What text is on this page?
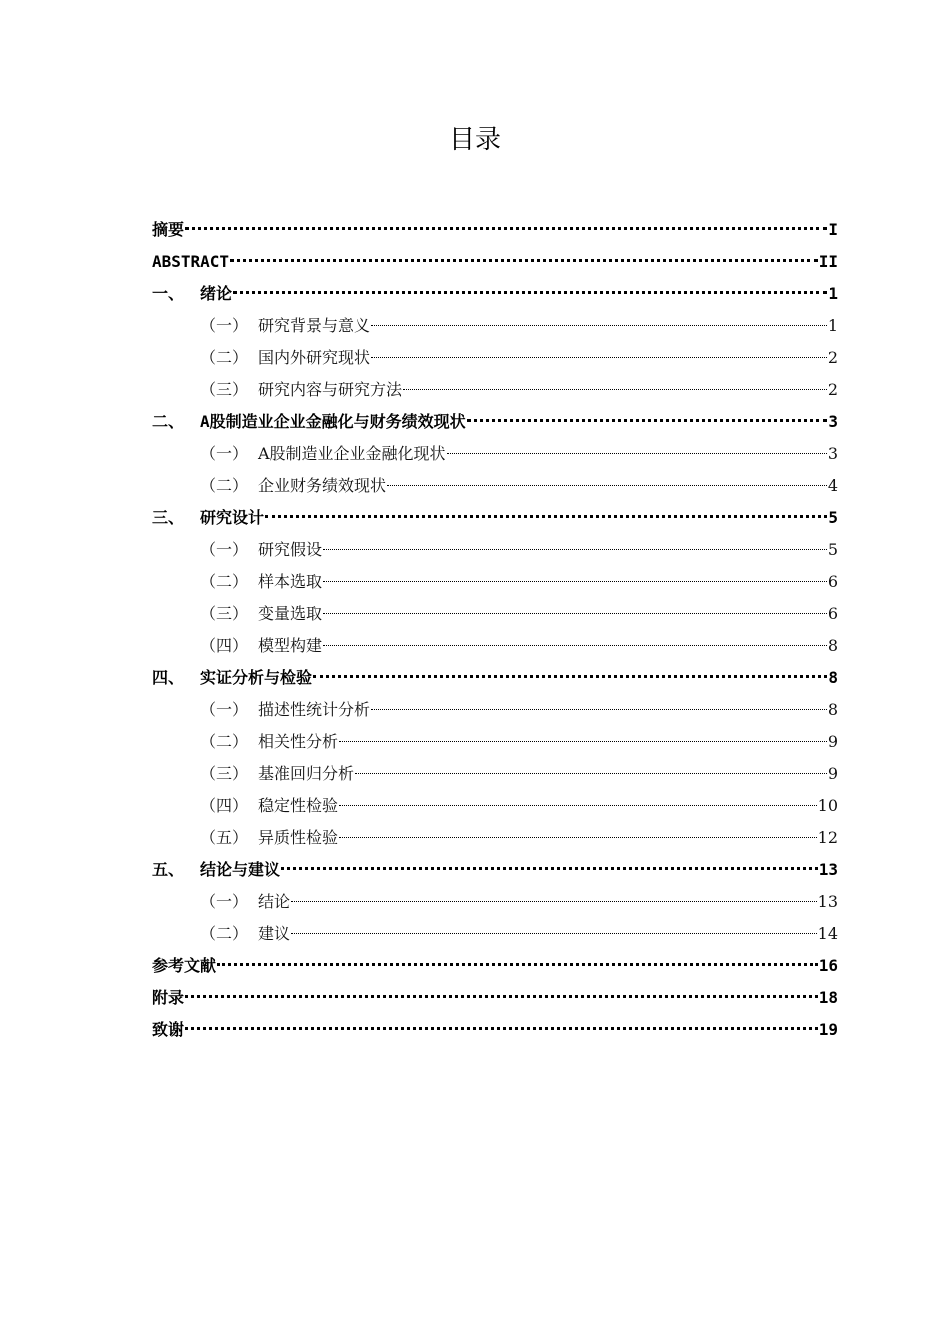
目录
摘要	I
ABSTRACT	II
一、 绪论	1
（一） 研究背景与意义	1
（二） 国内外研究现状	2
（三） 研究内容与研究方法	2
二、 A股制造业企业金融化与财务绩效现状	3
（一） A股制造业企业金融化现状	3
（二） 企业财务绩效现状	4
三、 研究设计	5
（一） 研究假设	5
（二） 样本选取	6
（三） 变量选取	6
（四） 模型构建	8
四、 实证分析与检验	8
（一） 描述性统计分析	8
（二） 相关性分析	9
（三） 基准回归分析	9
（四） 稳定性检验	10
（五） 异质性检验	12
五、 结论与建议	13
（一） 结论	13
（二） 建议	14
参考文献	16
附录	18
致谢	19
